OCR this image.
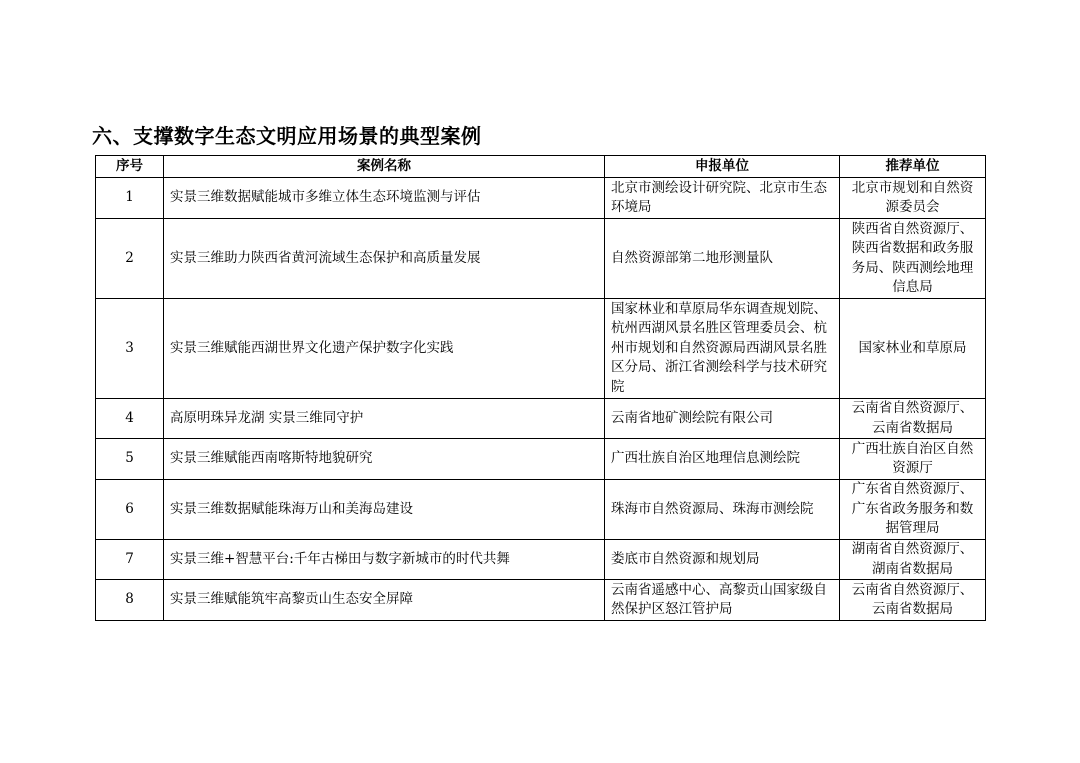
六、支撑数字生态文明应用场景的典型案例
序号	案例名称	申报单位	推荐单位
1	实景三维数据赋能城市多维立体生态环境监测与评估	北京市测绘设计研究院、北京市生态环境局	北京市规划和自然资源委员会
2	实景三维助力陕西省黄河流域生态保护和高质量发展	自然资源部第二地形测量队	陕西省自然资源厅、陕西省数据和政务服务局、陕西测绘地理信息局
3	实景三维赋能西湖世界文化遗产保护数字化实践	国家林业和草原局华东调查规划院、杭州西湖风景名胜区管理委员会、杭州市规划和自然资源局西湖风景名胜区分局、浙江省测绘科学与技术研究院	国家林业和草原局
4	高原明珠异龙湖 实景三维同守护	云南省地矿测绘院有限公司	云南省自然资源厅、云南省数据局
5	实景三维赋能西南喀斯特地貌研究	广西壮族自治区地理信息测绘院	广西壮族自治区自然资源厅
6	实景三维数据赋能珠海万山和美海岛建设	珠海市自然资源局、珠海市测绘院	广东省自然资源厅、广东省政务服务和数据管理局
7	实景三维+智慧平台:千年古梯田与数字新城市的时代共舞	娄底市自然资源和规划局	湖南省自然资源厅、湖南省数据局
8	实景三维赋能筑牢高黎贡山生态安全屏障	云南省遥感中心、高黎贡山国家级自然保护区怒江管护局	云南省自然资源厅、云南省数据局
